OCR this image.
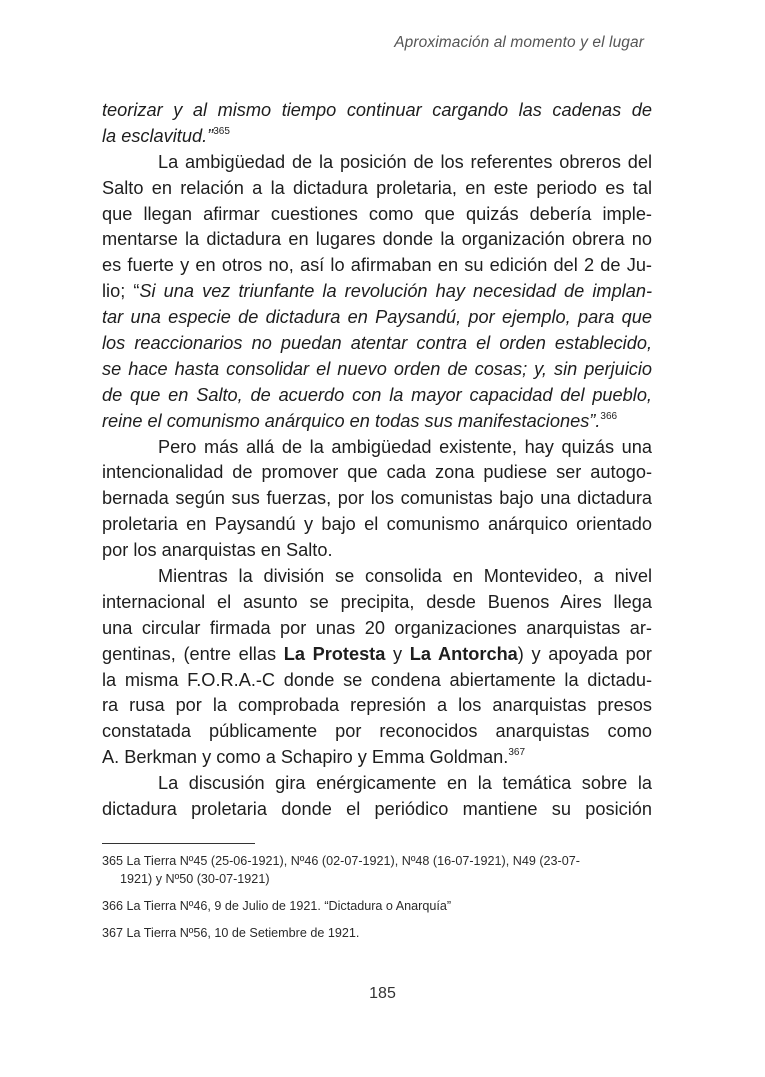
Aproximación al momento y el lugar
teorizar y al mismo tiempo continuar cargando las cadenas de
la esclavitud.”$^{365}$
La ambigüedad de la posición de los referentes obreros del
Salto en relación a la dictadura proletaria, en este periodo es tal
que llegan afirmar cuestiones como que quizás debería imple-
mentarse la dictadura en lugares donde la organización obrera no
es fuerte y en otros no, así lo afirmaban en su edición del 2 de Ju-
lio; “Si una vez triunfante la revolución hay necesidad de implan-
tar una especie de dictadura en Paysandú, por ejemplo, para que
los reaccionarios no puedan atentar contra el orden establecido,
se hace hasta consolidar el nuevo orden de cosas; y, sin perjuicio
de que en Salto, de acuerdo con la mayor capacidad del pueblo,
reine el comunismo anárquico en todas sus manifestaciones”.$^{366}$
Pero más allá de la ambigüedad existente, hay quizás una
intencionalidad de promover que cada zona pudiese ser autogo-
bernada según sus fuerzas, por los comunistas bajo una dictadura
proletaria en Paysandú y bajo el comunismo anárquico orientado
por los anarquistas en Salto.
Mientras la división se consolida en Montevideo, a nivel
internacional el asunto se precipita, desde Buenos Aires llega
una circular firmada por unas 20 organizaciones anarquistas ar-
gentinas, (entre ellas La Protesta y La Antorcha) y apoyada por
la misma F.O.R.A.-C donde se condena abiertamente la dictadu-
ra rusa por la comprobada represión a los anarquistas presos
constatada públicamente por reconocidos anarquistas como
A. Berkman y como a Schapiro y Emma Goldman.$^{367}$
La discusión gira enérgicamente en la temática sobre la
dictadura proletaria donde el periódico mantiene su posición
365 La Tierra Nº45 (25-06-1921), Nº46 (02-07-1921), Nº48 (16-07-1921), N49 (23-07-
1921) y Nº50 (30-07-1921)
366 La Tierra Nº46, 9 de Julio de 1921. “Dictadura o Anarquía”
367 La Tierra Nº56, 10 de Setiembre de 1921.
185
